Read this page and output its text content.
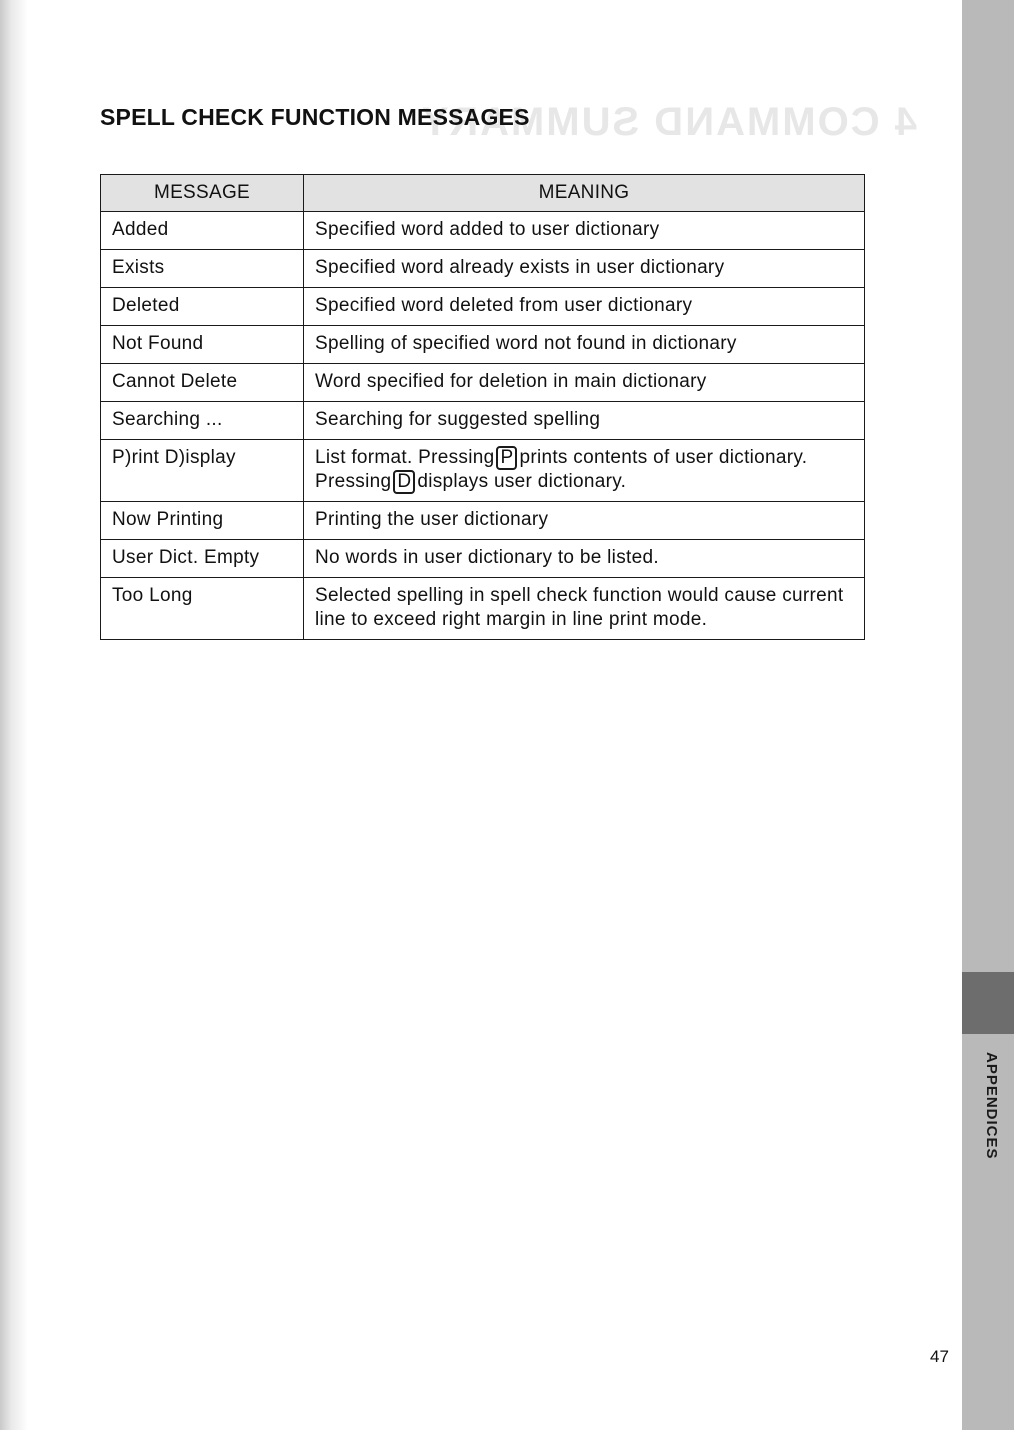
4 COMMAND SUMMARY
APPENDICES
SPELL CHECK FUNCTION MESSAGES
MESSAGE	MEANING
Added	Specified word added to user dictionary
Exists	Specified word already exists in user dictionary
Deleted	Specified word deleted from user dictionary
Not Found	Spelling of specified word not found in dictionary
Cannot Delete	Word specified for deletion in main dictionary
Searching ...	Searching for suggested spelling
P)rint D)isplay	List format. Pressing P prints contents of user dictionary.
Pressing D displays user dictionary.
Now Printing	Printing the user dictionary
User Dict. Empty	No words in user dictionary to be listed.
Too Long	Selected spelling in spell check function would cause current
line to exceed right margin in line print mode.
47
